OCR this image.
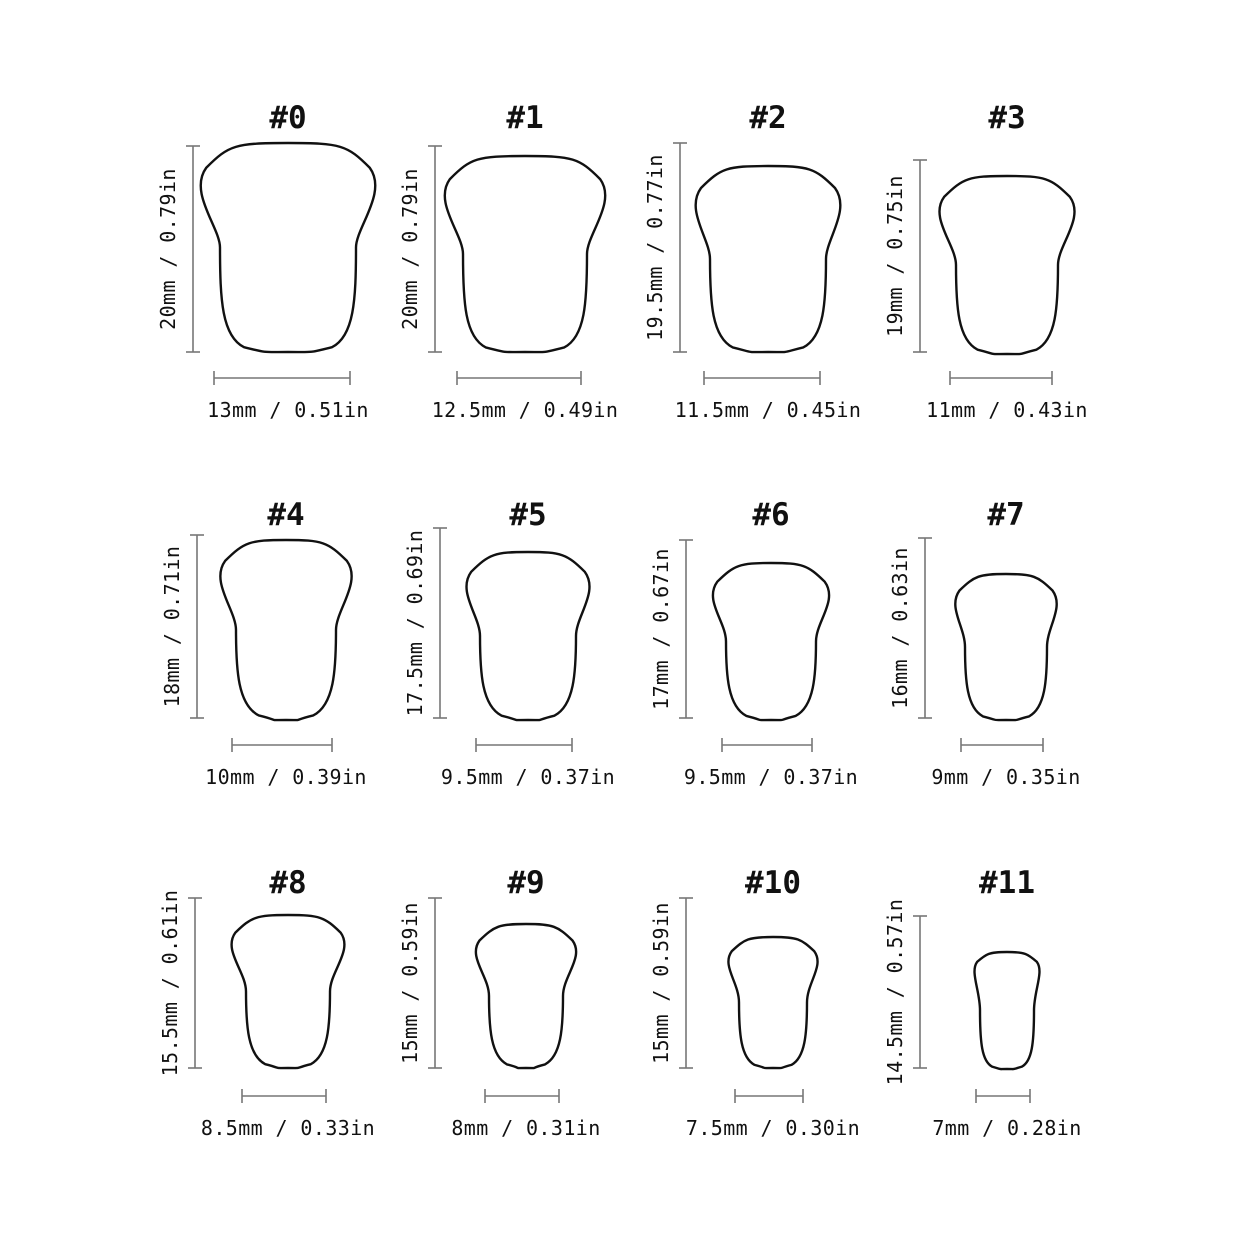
#0
20mm / 0.79in
13mm / 0.51in
#1
20mm / 0.79in
12.5mm / 0.49in
#2
19.5mm / 0.77in
11.5mm / 0.45in
#3
19mm / 0.75in
11mm / 0.43in
#4
18mm / 0.71in
10mm / 0.39in
#5
17.5mm / 0.69in
9.5mm / 0.37in
#6
17mm / 0.67in
9.5mm / 0.37in
#7
16mm / 0.63in
9mm / 0.35in
#8
15.5mm / 0.61in
8.5mm / 0.33in
#9
15mm / 0.59in
8mm / 0.31in
#10
15mm / 0.59in
7.5mm / 0.30in
#11
14.5mm / 0.57in
7mm / 0.28in
